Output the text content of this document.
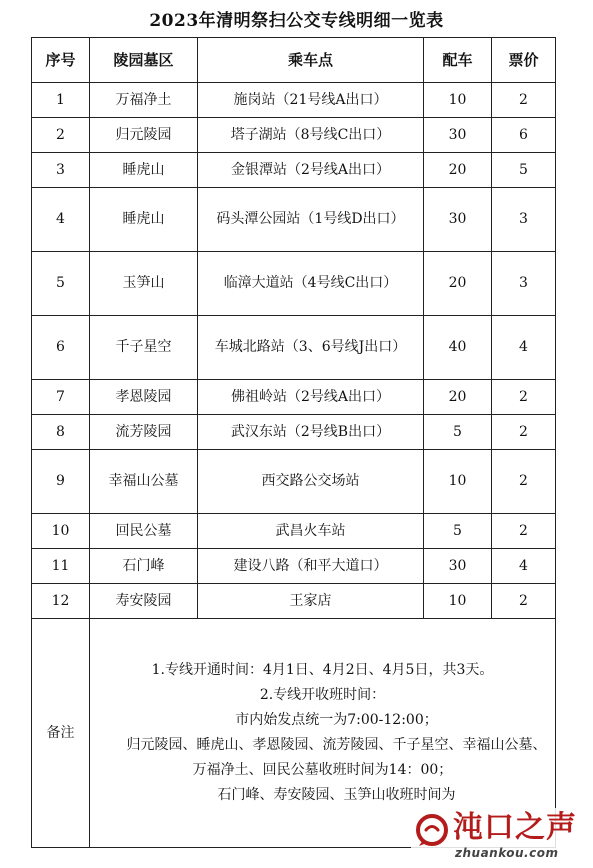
2023年清明祭扫公交专线明细一览表
序号	陵园墓区	乘车点	配车	票价
1	万福净土	施岗站（21号线A出口）	10	2
2	归元陵园	塔子湖站（8号线C出口）	30	6
3	睡虎山	金银潭站（2号线A出口）	20	5
4	睡虎山	码头潭公园站（1号线D出口）	30	3
5	玉笋山	临漳大道站（4号线C出口）	20	3
6	千子星空	车城北路站（3、6号线J出口）	40	4
7	孝恩陵园	佛祖岭站（2号线A出口）	20	2
8	流芳陵园	武汉东站（2号线B出口）	5	2
9	幸福山公墓	西交路公交场站	10	2
10	回民公墓	武昌火车站	5	2
11	石门峰	建设八路（和平大道口）	30	4
12	寿安陵园	王家店	10	2
备注	1.专线开通时间：4月1日、4月2日、4月5日，共3天。

2.专线开收班时间：

市内始发点统一为7:00-12:00；

归元陵园、睡虎山、孝恩陵园、流芳陵园、千子星空、幸福山公墓、万福净土、回民公墓收班时间为14：00；

石门峰、寿安陵园、玉笋山收班时间为			

沌口之声
zhuankou.com
